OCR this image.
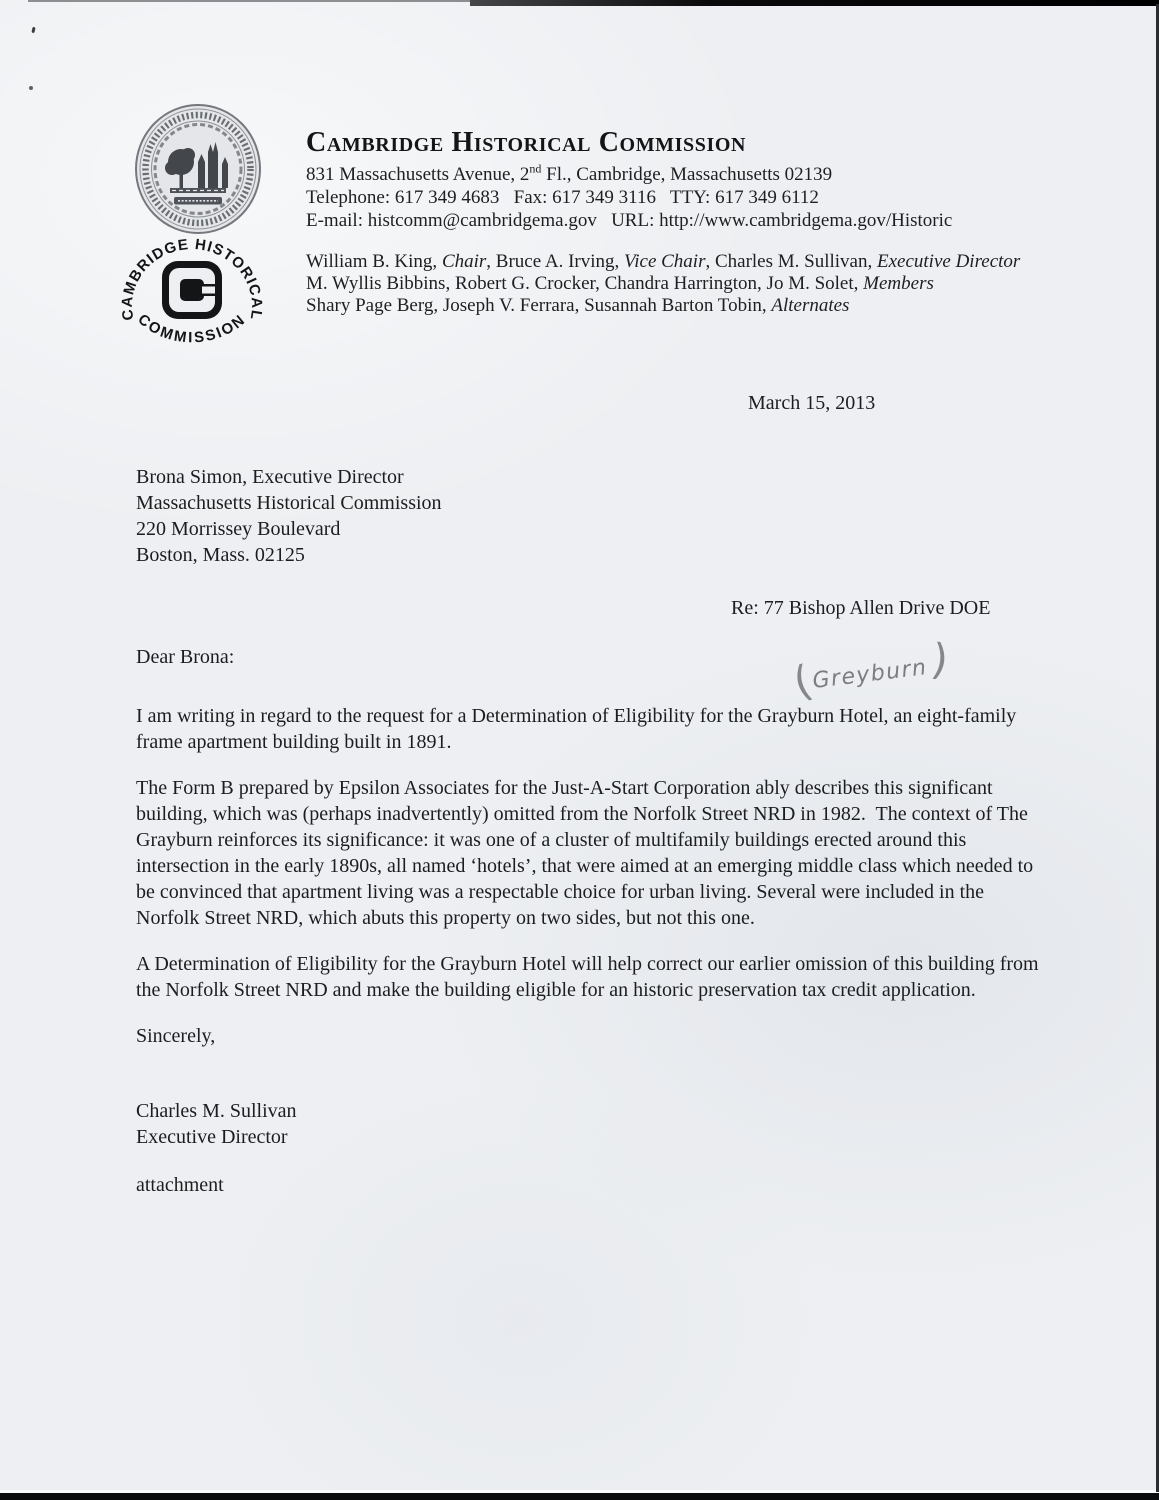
CAMBRIDGE HISTORICAL
COMMISSION
Cambridge Historical Commission
831 Massachusetts Avenue, 2nd Fl., Cambridge, Massachusetts 02139
Telephone: 617 349 4683   Fax: 617 349 3116   TTY: 617 349 6112
E-mail: histcomm@cambridgema.gov   URL: http://www.cambridgema.gov/Historic
William B. King, Chair, Bruce A. Irving, Vice Chair, Charles M. Sullivan, Executive Director
M. Wyllis Bibbins, Robert G. Crocker, Chandra Harrington, Jo M. Solet, Members
Shary Page Berg, Joseph V. Ferrara, Susannah Barton Tobin, Alternates
March 15, 2013
Brona Simon, Executive Director
Massachusetts Historical Commission
220 Morrissey Boulevard
Boston, Mass. 02125
Re: 77 Bishop Allen Drive DOE
Dear Brona:	(
Greyburn )

I am writing in regard to the request for a Determination of Eligibility for the Grayburn Hotel, an eight-family frame apartment building built in 1891.

The Form B prepared by Epsilon Associates for the Just-A-Start Corporation ably describes this significant building, which was (perhaps inadvertently) omitted from the Norfolk Street NRD in 1982.  The context of The Grayburn reinforces its significance: it was one of a cluster of multifamily buildings erected around this intersection in the early 1890s, all named ‘hotels’, that were aimed at an emerging middle class which needed to be convinced that apartment living was a respectable choice for urban living. Several were included in the Norfolk Street NRD, which abuts this property on two sides, but not this one.

A Determination of Eligibility for the Grayburn Hotel will help correct our earlier omission of this building from the Norfolk Street NRD and make the building eligible for an historic preservation tax credit application.

Sincerely,

Charles M. Sullivan
Executive Director
attachment
